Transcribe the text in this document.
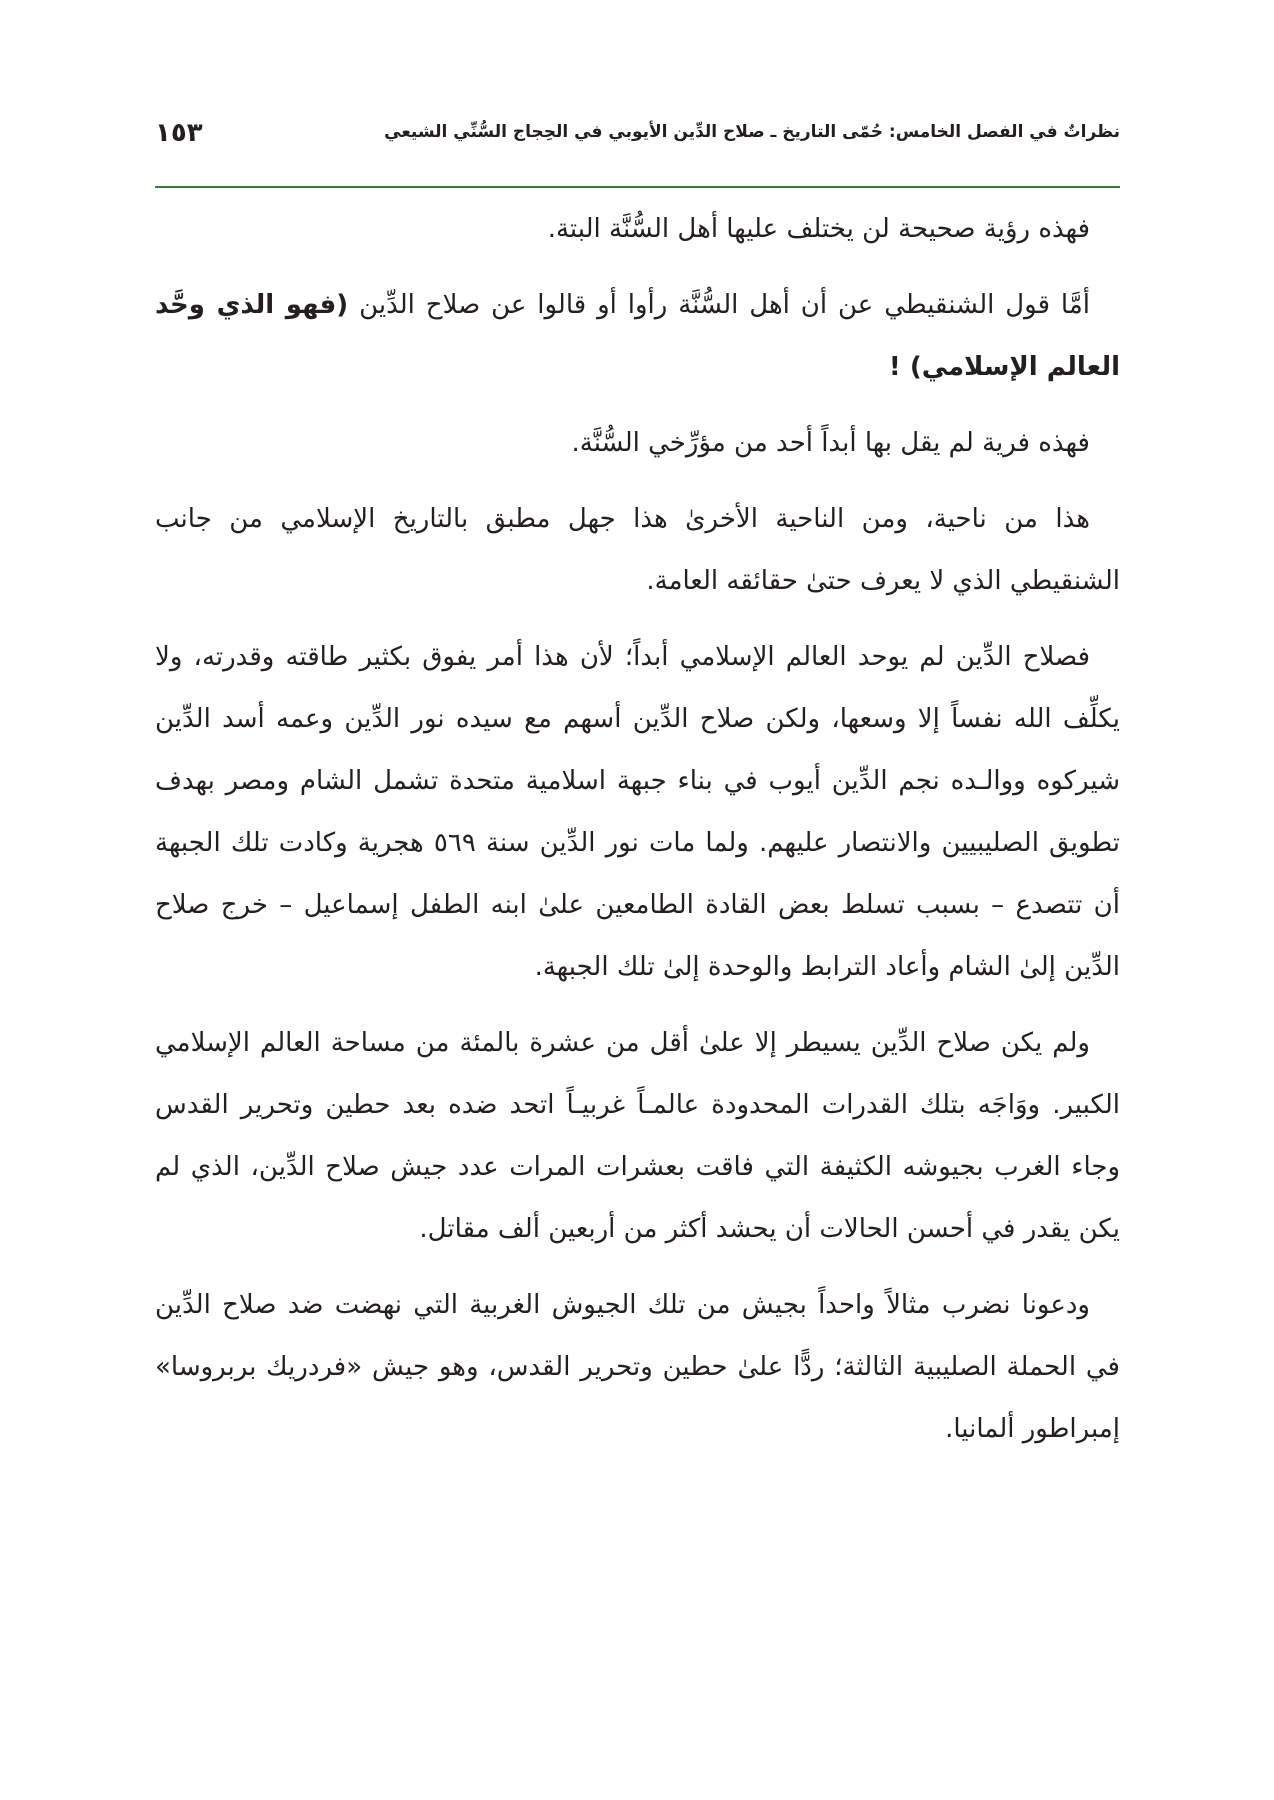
نظراتٌ في الفصل الخامس: حُمّى التاريخ ـ صلاح الدِّين الأيوبي في الحِجاج السُّنِّي الشيعي
١٥٣

فهذه رؤية صحيحة لن يختلف عليها أهل السُّنَّة البتة.

أمَّا قول الشنقيطي عن أن أهل السُّنَّة رأوا أو قالوا عن صلاح الدِّين (فهو الذي وحَّد العالم الإسلامي) !

فهذه فرية لم يقل بها أبداً أحد من مؤرِّخي السُّنَّة.

هذا من ناحية، ومن الناحية الأخرىٰ هذا جهل مطبق بالتاريخ الإسلامي من جانب الشنقيطي الذي لا يعرف حتىٰ حقائقه العامة.

فصلاح الدِّين لم يوحد العالم الإسلامي أبداً؛ لأن هذا أمر يفوق بكثير طاقته وقدرته، ولا يكلِّف الله نفساً إلا وسعها، ولكن صلاح الدِّين أسهم مع سيده نور الدِّين وعمه أسد الدِّين شيركوه ووالـده نجم الدِّين أيوب في بناء جبهة اسلامية متحدة تشمل الشام ومصر بهدف تطويق الصليبيين والانتصار عليهم. ولما مات نور الدِّين سنة ٥٦٩ هجرية وكادت تلك الجبهة أن تتصدع – بسبب تسلط بعض القادة الطامعين علىٰ ابنه الطفل إسماعيل – خرج صلاح الدِّين إلىٰ الشام وأعاد الترابط والوحدة إلىٰ تلك الجبهة.

ولم يكن صلاح الدِّين يسيطر إلا علىٰ أقل من عشرة بالمئة من مساحة العالم الإسلامي الكبير. ووَاجَه بتلك القدرات المحدودة عالمـاً غربيـاً اتحد ضده بعد حطين وتحرير القدس وجاء الغرب بجيوشه الكثيفة التي فاقت بعشرات المرات عدد جيش صلاح الدِّين، الذي لم يكن يقدر في أحسن الحالات أن يحشد أكثر من أربعين ألف مقاتل.

ودعونا نضرب مثالاً واحداً بجيش من تلك الجيوش الغربية التي نهضت ضد صلاح الدِّين في الحملة الصليبية الثالثة؛ ردًّا علىٰ حطين وتحرير القدس، وهو جيش «فردريك بربروسا» إمبراطور ألمانيا.
